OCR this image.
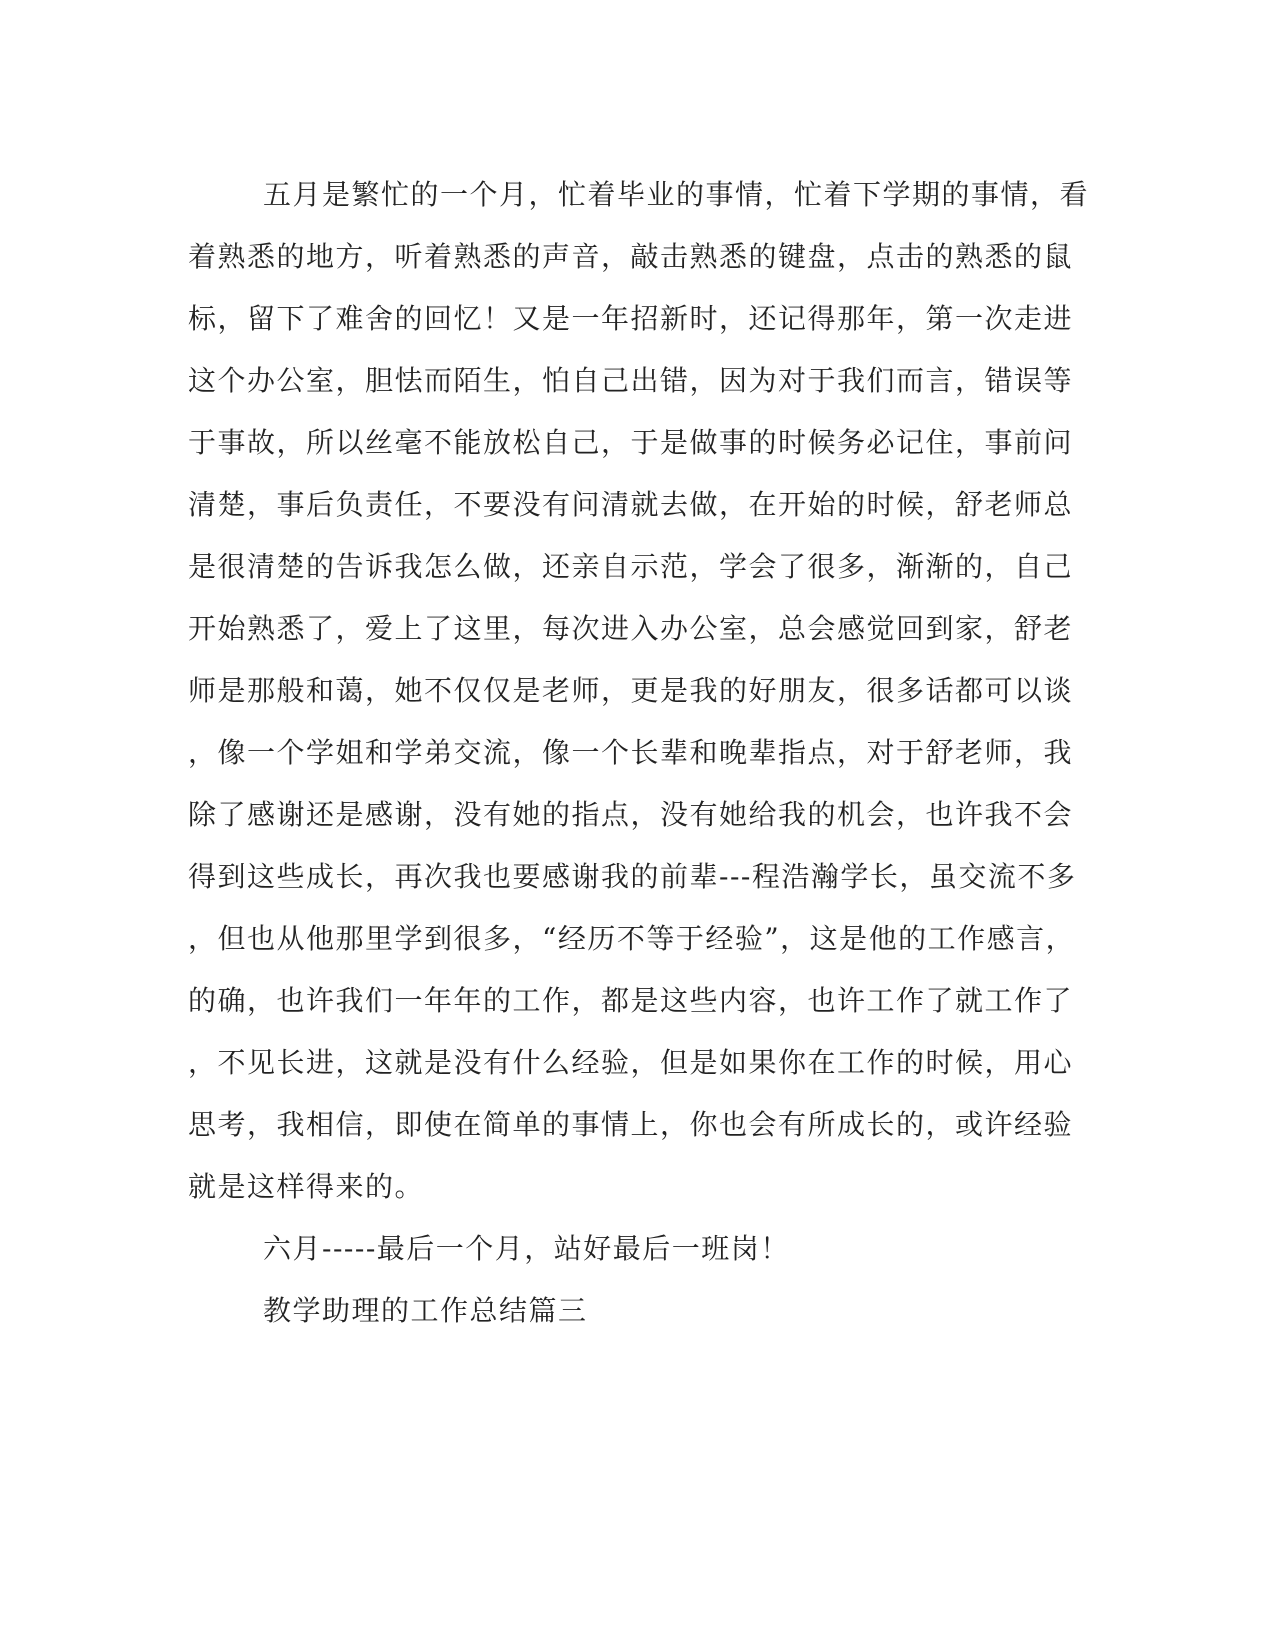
五月是繁忙的一个月，忙着毕业的事情，忙着下学期的事情，看
着熟悉的地方，听着熟悉的声音，敲击熟悉的键盘，点击的熟悉的鼠
标，留下了难舍的回忆！又是一年招新时，还记得那年，第一次走进
这个办公室，胆怯而陌生，怕自己出错，因为对于我们而言，错误等
于事故，所以丝毫不能放松自己，于是做事的时候务必记住，事前问
清楚，事后负责任，不要没有问清就去做，在开始的时候，舒老师总
是很清楚的告诉我怎么做，还亲自示范，学会了很多，渐渐的，自己
开始熟悉了，爱上了这里，每次进入办公室，总会感觉回到家，舒老
师是那般和蔼，她不仅仅是老师，更是我的好朋友，很多话都可以谈
，像一个学姐和学弟交流，像一个长辈和晚辈指点，对于舒老师，我
除了感谢还是感谢，没有她的指点，没有她给我的机会，也许我不会
得到这些成长，再次我也要感谢我的前辈---程浩瀚学长，虽交流不多
，但也从他那里学到很多，“经历不等于经验”，这是他的工作感言，
的确，也许我们一年年的工作，都是这些内容，也许工作了就工作了
，不见长进，这就是没有什么经验，但是如果你在工作的时候，用心
思考，我相信，即使在简单的事情上，你也会有所成长的，或许经验
就是这样得来的。
六月-----最后一个月，站好最后一班岗！
教学助理的工作总结篇三
